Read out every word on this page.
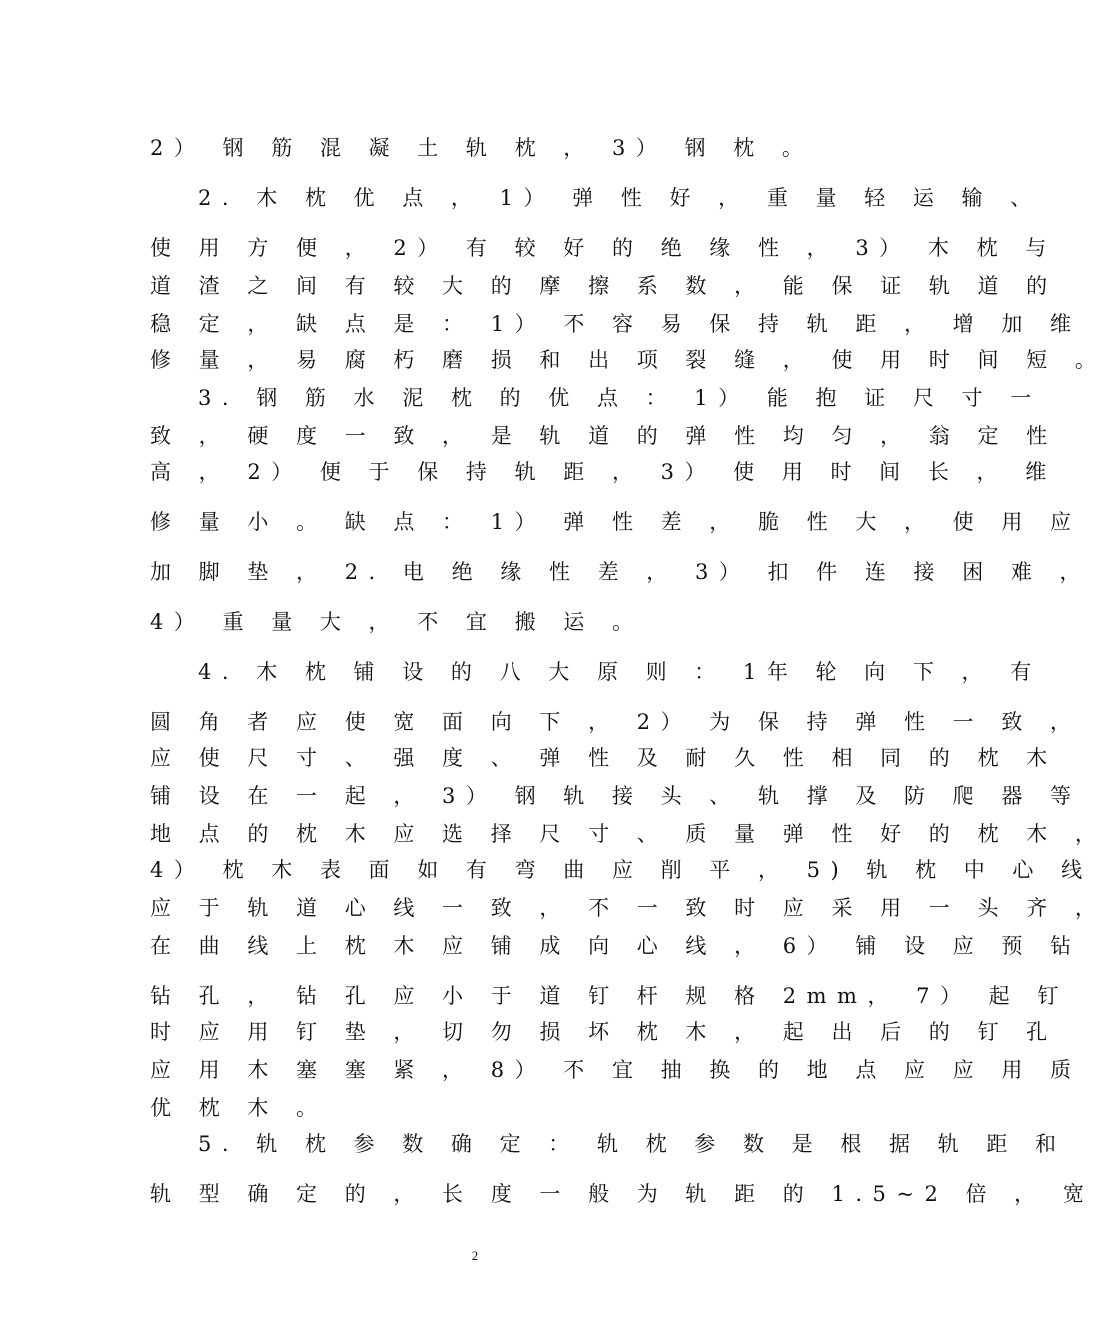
2） 钢 筋 混 凝 土 轨 枕 ， 3） 钢 枕 。
2. 木 枕 优 点 ， 1） 弹 性 好 ， 重 量 轻 运 输 、
使 用 方 便 ， 2） 有 较 好 的 绝 缘 性 ， 3） 木 枕 与
道 渣 之 间 有 较 大 的 摩 擦 系 数 ， 能 保 证 轨 道 的
稳 定 ， 缺 点 是 ： 1） 不 容 易 保 持 轨 距 ， 增 加 维
修 量 ， 易 腐 朽 磨 损 和 出 项 裂 缝 ， 使 用 时 间 短 。
3. 钢 筋 水 泥 枕 的 优 点 ： 1） 能 抱 证 尺 寸 一
致 ， 硬 度 一 致 ， 是 轨 道 的 弹 性 均 匀 ， 翁 定 性
高 ， 2） 便 于 保 持 轨 距 ， 3） 使 用 时 间 长 ， 维
修 量 小 。 缺 点 ： 1） 弹 性 差 ， 脆 性 大 ， 使 用 应
加 脚 垫 ， 2. 电 绝 缘 性 差 ， 3） 扣 件 连 接 困 难 ，
4） 重 量 大 ， 不 宜 搬 运 。
4. 木 枕 铺 设 的 八 大 原 则 ： 1年 轮 向 下 ， 有
圆 角 者 应 使 宽 面 向 下 ， 2） 为 保 持 弹 性 一 致 ，
应 使 尺 寸 、 强 度 、 弹 性 及 耐 久 性 相 同 的 枕 木
铺 设 在 一 起 ， 3） 钢 轨 接 头 、 轨 撑 及 防 爬 器 等
地 点 的 枕 木 应 选 择 尺 寸 、 质 量 弹 性 好 的 枕 木 ，
4） 枕 木 表 面 如 有 弯 曲 应 削 平 ， 5) 轨 枕 中 心 线
应 于 轨 道 心 线 一 致 ， 不 一 致 时 应 采 用 一 头 齐 ，
在 曲 线 上 枕 木 应 铺 成 向 心 线 ， 6） 铺 设 应 预 钻
钻 孔 ， 钻 孔 应 小 于 道 钉 杆 规 格 2mm， 7） 起 钉
时 应 用 钉 垫 ， 切 勿 损 坏 枕 木 ， 起 出 后 的 钉 孔
应 用 木 塞 塞 紧 ， 8） 不 宜 抽 换 的 地 点 应 应 用 质
优 枕 木 。
5. 轨 枕 参 数 确 定 ： 轨 枕 参 数 是 根 据 轨 距 和
轨 型 确 定 的 ， 长 度 一 般 为 轨 距 的 1.5~2 倍 ， 宽
2
